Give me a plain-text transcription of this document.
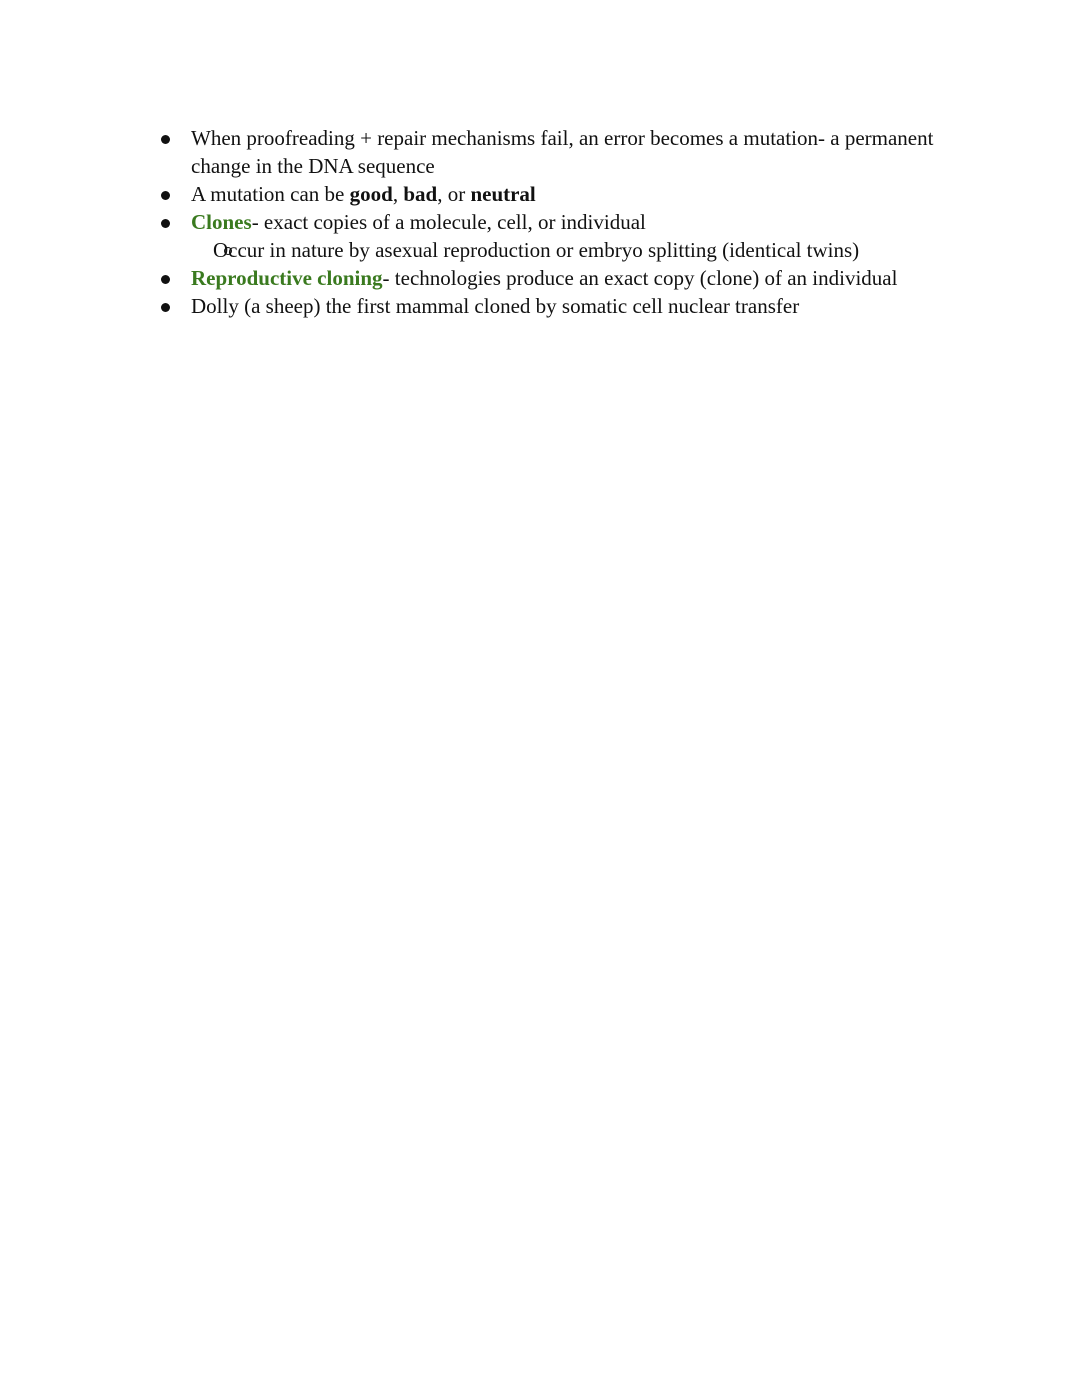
When proofreading + repair mechanisms fail, an error becomes a mutation- a permanent change in the DNA sequence
A mutation can be good, bad, or neutral
Clones- exact copies of a molecule, cell, or individual
Occur in nature by asexual reproduction or embryo splitting (identical twins)
Reproductive cloning- technologies produce an exact copy (clone) of an individual
Dolly (a sheep) the first mammal cloned by somatic cell nuclear transfer
